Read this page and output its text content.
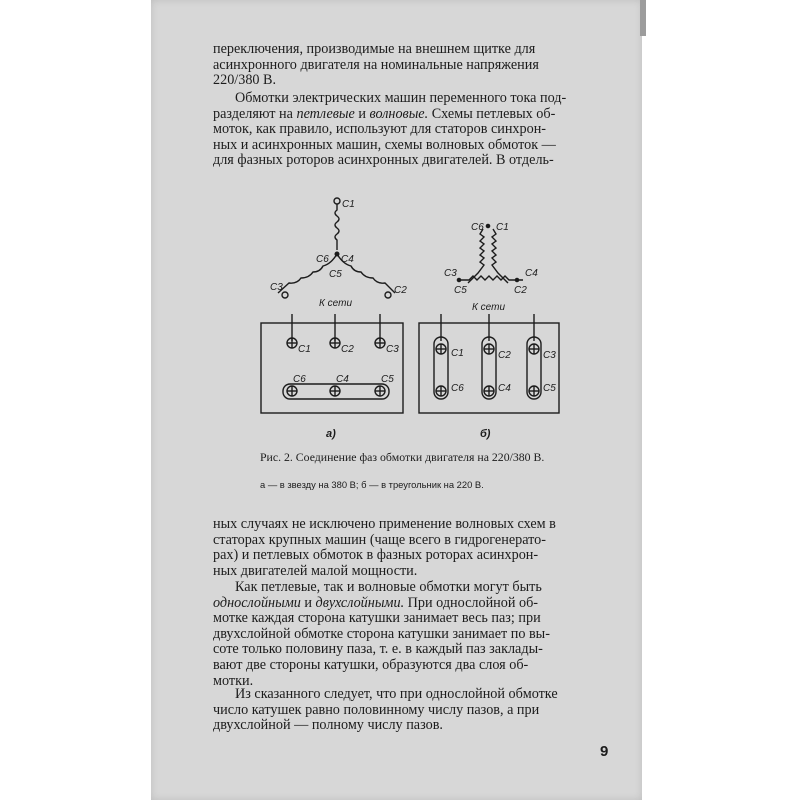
переключения, производимые на внешнем щитке для
асинхронного двигателя на номинальные напряжения
220/380 В.

Обмотки электрических машин переменного тока под-
разделяют на петлевые и волновые. Схемы петлевых об-
моток, как правило, используют для статоров синхрон-
ных и асинхронных машин, схемы волновых обмоток —
для фазных роторов асинхронных двигателей. В отдель-

C1
C6 C4
C5
C3	C2
К сети
C6 C1
C3	C4
C5	C2
К сети
C1	C2	C3
C6	C4	C5
а)
C1	C2	C3
C6	C4	C5
б)

Рис. 2. Соединение фаз обмотки двигателя на 220/380 В.

а — в звезду на 380 В; б — в треугольник на 220 В.

ных случаях не исключено применение волновых схем в
статорах крупных машин (чаще всего в гидрогенерато-
рах) и петлевых обмоток в фазных роторах асинхрон-
ных двигателей малой мощности.

Как петлевые, так и волновые обмотки могут быть
однослойными и двухслойными. При однослойной об-
мотке каждая сторона катушки занимает весь паз; при
двухслойной обмотке сторона катушки занимает по вы-
соте только половину паза, т. е. в каждый паз заклады-
вают две стороны катушки, образуются два слоя об-
мотки.

Из сказанного следует, что при однослойной обмотке
число катушек равно половинному числу пазов, а при
двухслойной — полному числу пазов.

9
